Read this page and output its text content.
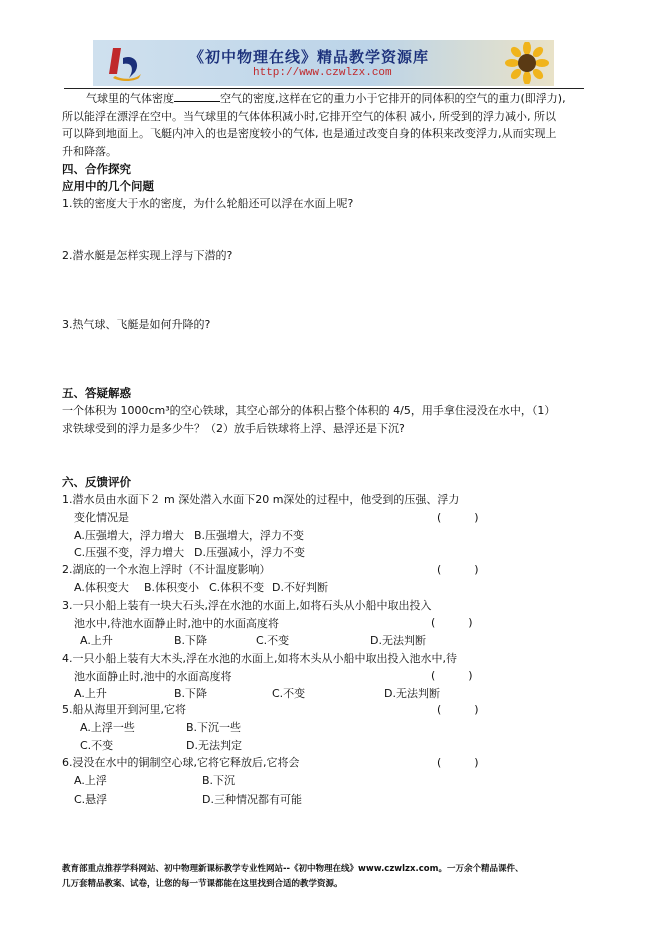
《初中物理在线》精品教学资源库
http://www.czwlzx.com
气球里的气体密度	空气的密度,这样在它的重力小于它排开的同体积的空气的重力(即浮力),
所以能浮在漂浮在空中。当气球里的气体体积减小时,它排开空气的体积 减小, 所受到的浮力减小, 所以
可以降到地面上。飞艇内冲入的也是密度较小的气体, 也是通过改变自身的体积来改变浮力,从而实现上
升和降落。
四、合作探究
应用中的几个问题
1.铁的密度大于水的密度，为什么轮船还可以浮在水面上呢?
2.潜水艇是怎样实现上浮与下潜的?
3.热气球、飞艇是如何升降的?
五、答疑解惑
一个体积为 1000cm³的空心铁球，其空心部分的体积占整个体积的 4/5，用手拿住浸没在水中，（1）
求铁球受到的浮力是多少牛？（2）放手后铁球将上浮、悬浮还是下沉?
六、反馈评价
1.潜水员由水面下２ m 深处潜入水面下20 m深处的过程中，他受到的压强、浮力
变化情况是	(　　　)
A.压强增大，浮力增大 B.压强增大，浮力不变
C.压强不变，浮力增大 D.压强减小，浮力不变
2.湖底的一个水泡上浮时（不计温度影响）	(　　　)
A.体积变大 B.体积变小 C.体积不变 D.不好判断
3.一只小船上装有一块大石头,浮在水池的水面上,如将石头从小船中取出投入
池水中,待池水面静止时,池中的水面高度将	(　　　)
A.上升	B.下降	C.不变	D.无法判断
4.一只小船上装有大木头,浮在水池的水面上,如将木头从小船中取出投入池水中,待
池水面静止时,池中的水面高度将	(　　　)
A.上升	B.下降	C.不变	D.无法判断
5.船从海里开到河里,它将	(　　　)
A.上浮一些	B.下沉一些
C.不变	D.无法判定
6.浸没在水中的铜制空心球,它将它释放后,它将会	(　　　)
A.上浮	B.下沉
C.悬浮	D.三种情况都有可能
教育部重点推荐学科网站、初中物理新课标教学专业性网站--《初中物理在线》www.czwlzx.com。一万余个精品课件、
几万套精品教案、试卷，让您的每一节课都能在这里找到合适的教学资源。
